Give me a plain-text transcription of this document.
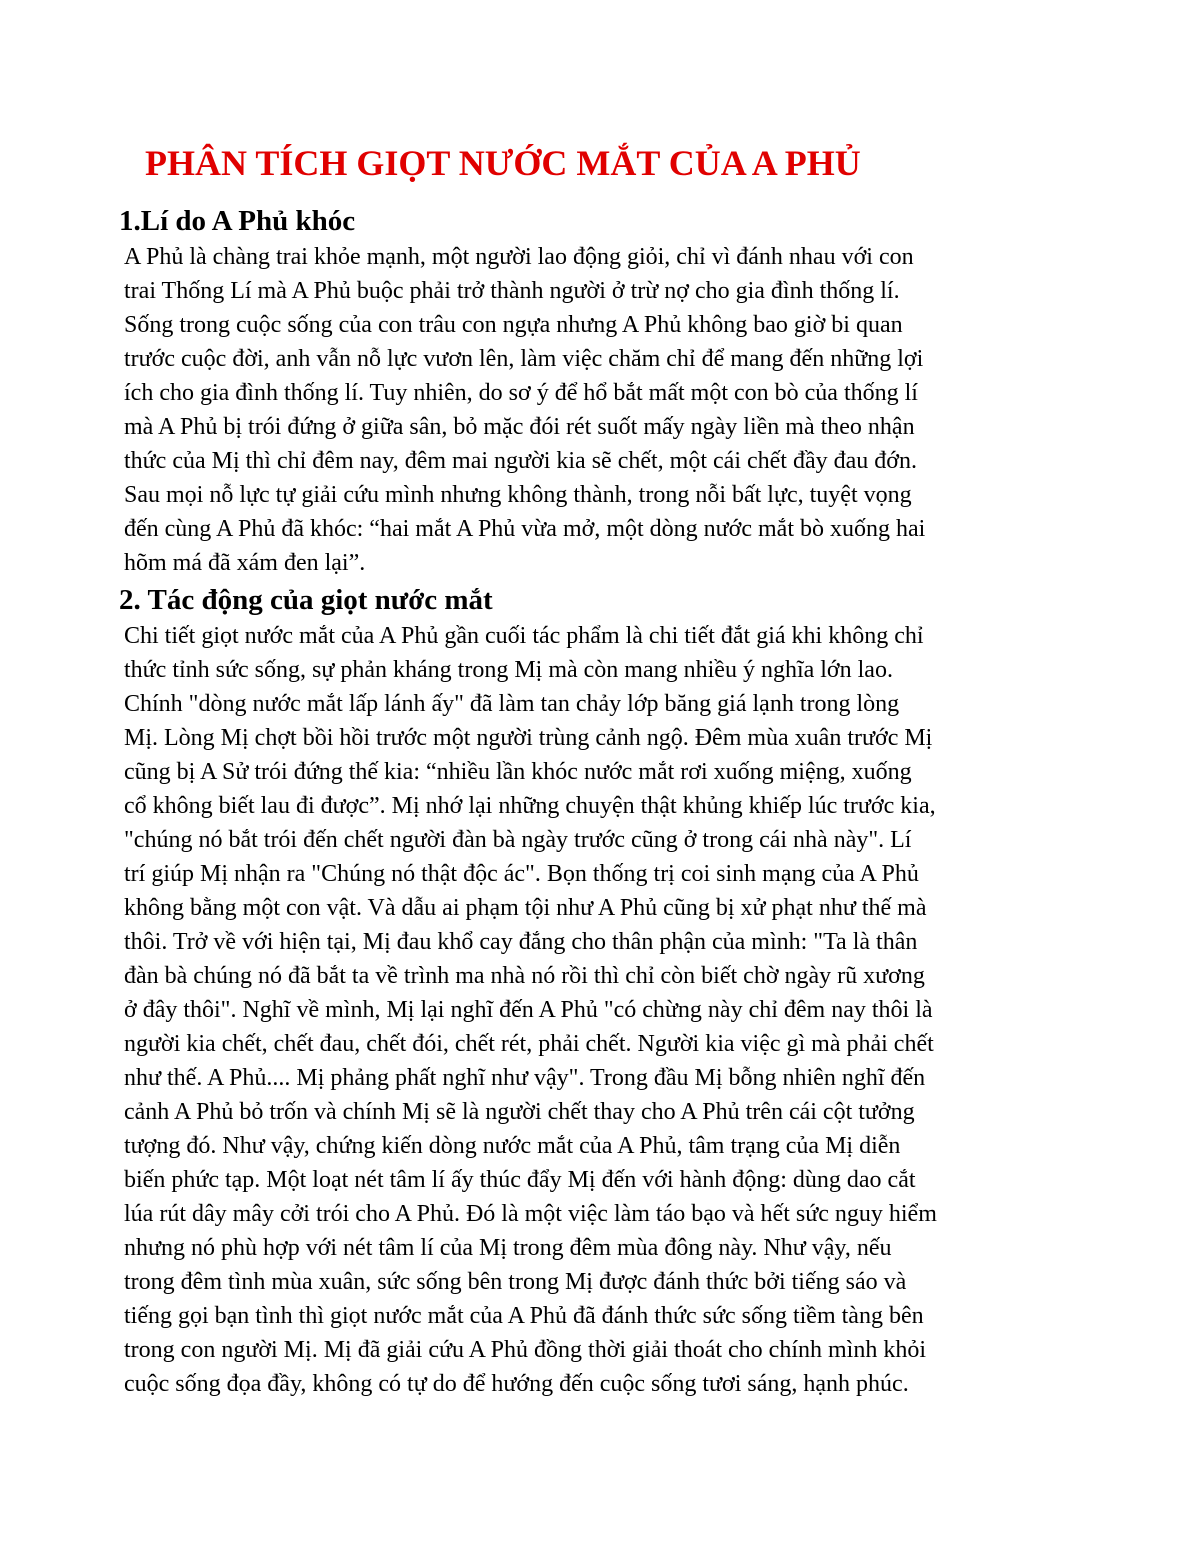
PHÂN TÍCH GIỌT NƯỚC MẮT CỦA A PHỦ
1.Lí do A Phủ khóc

A Phủ là chàng trai khỏe mạnh, một người lao động giỏi, chỉ vì đánh nhau với con
trai Thống Lí mà A Phủ buộc phải trở thành người ở trừ nợ cho gia đình thống lí.
Sống trong cuộc sống của con trâu con ngựa nhưng A Phủ không bao giờ bi quan
trước cuộc đời, anh vẫn nỗ lực vươn lên, làm việc chăm chỉ để mang đến những lợi
ích cho gia đình thống lí. Tuy nhiên, do sơ ý để hổ bắt mất một con bò của thống lí
mà A Phủ bị trói đứng ở giữa sân, bỏ mặc đói rét suốt mấy ngày liền mà theo nhận
thức của Mị thì chỉ đêm nay, đêm mai người kia sẽ chết, một cái chết đầy đau đớn.
Sau mọi nỗ lực tự giải cứu mình nhưng không thành, trong nỗi bất lực, tuyệt vọng
đến cùng A Phủ đã khóc: “hai mắt A Phủ vừa mở, một dòng nước mắt bò xuống hai
hõm má đã xám đen lại”.

2. Tác động của giọt nước mắt

Chi tiết giọt nước mắt của A Phủ gần cuối tác phẩm là chi tiết đắt giá khi không chỉ
thức tỉnh sức sống, sự phản kháng trong Mị mà còn mang nhiều ý nghĩa lớn lao.
Chính "dòng nước mắt lấp lánh ấy" đã làm tan chảy lớp băng giá lạnh trong lòng
Mị. Lòng Mị chợt bồi hồi trước một người trùng cảnh ngộ. Đêm mùa xuân trước Mị
cũng bị A Sử trói đứng thế kia: “nhiều lần khóc nước mắt rơi xuống miệng, xuống
cổ không biết lau đi được”. Mị nhớ lại những chuyện thật khủng khiếp lúc trước kia,
"chúng nó bắt trói đến chết người đàn bà ngày trước cũng ở trong cái nhà này". Lí
trí giúp Mị nhận ra "Chúng nó thật độc ác". Bọn thống trị coi sinh mạng của A Phủ
không bằng một con vật. Và dẫu ai phạm tội như A Phủ cũng bị xử phạt như thế mà
thôi. Trở về với hiện tại, Mị đau khổ cay đắng cho thân phận của mình: "Ta là thân
đàn bà chúng nó đã bắt ta về trình ma nhà nó rồi thì chỉ còn biết chờ ngày rũ xương
ở đây thôi". Nghĩ về mình, Mị lại nghĩ đến A Phủ "có chừng này chỉ đêm nay thôi là
người kia chết, chết đau, chết đói, chết rét, phải chết. Người kia việc gì mà phải chết
như thế. A Phủ.... Mị phảng phất nghĩ như vậy". Trong đầu Mị bỗng nhiên nghĩ đến
cảnh A Phủ bỏ trốn và chính Mị sẽ là người chết thay cho A Phủ trên cái cột tưởng
tượng đó. Như vậy, chứng kiến dòng nước mắt của A Phủ, tâm trạng của Mị diễn
biến phức tạp. Một loạt nét tâm lí ấy thúc đẩy Mị đến với hành động: dùng dao cắt
lúa rút dây mây cởi trói cho A Phủ. Đó là một việc làm táo bạo và hết sức nguy hiểm
nhưng nó phù hợp với nét tâm lí của Mị trong đêm mùa đông này. Như vậy, nếu
trong đêm tình mùa xuân, sức sống bên trong Mị được đánh thức bởi tiếng sáo và
tiếng gọi bạn tình thì giọt nước mắt của A Phủ đã đánh thức sức sống tiềm tàng bên
trong con người Mị. Mị đã giải cứu A Phủ đồng thời giải thoát cho chính mình khỏi
cuộc sống đọa đầy, không có tự do để hướng đến cuộc sống tươi sáng, hạnh phúc.
